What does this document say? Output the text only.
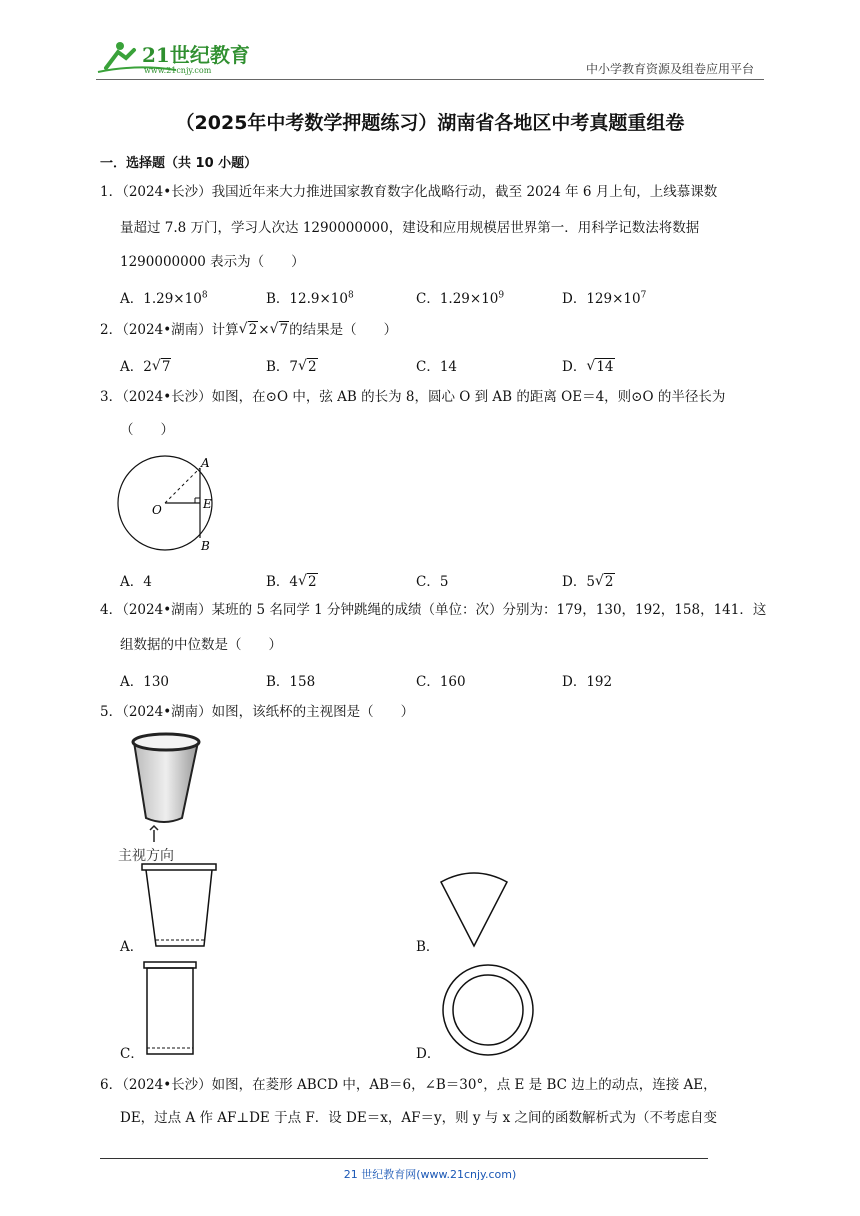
21世纪教育
www.21cnjy.com	中小学教育资源及组卷应用平台
（2025年中考数学押题练习）湖南省各地区中考真题重组卷
一．选择题（共 10 小题）
1．（2024•长沙）我国近年来大力推进国家教育数字化战略行动，截至 2024 年 6 月上旬，上线慕课数
量超过 7.8 万门，学习人次达 1290000000，建设和应用规模居世界第一．用科学记数法将数据
1290000000 表示为（　　）
A．$1.29\times 10^8$	B．$12.9\times 10^8$	C．$1.29\times 10^9$	D．$129\times 10^7$
2．（2024•湖南）计算 √ 2× √ 7的结果是（　　）
A．2 √ 7	B．7 √ 2	C．14	D． √ 14
3．（2024•长沙）如图，在⊙O 中，弦 AB 的长为 8，圆心 O 到 AB 的距离 OE＝4，则⊙O 的半径长为
（　　）
A
B
O	E
A．4	B．4 √ 2	C．5	D．5 √ 2
4．（2024•湖南）某班的 5 名同学 1 分钟跳绳的成绩（单位：次）分别为：179，130，192，158，141．这
组数据的中位数是（　　）
A．130	B．158	C．160	D．192
5．（2024•湖南）如图，该纸杯的主视图是（　　）
主视方向
A．	B．
C．	D．
6．（2024•长沙）如图，在菱形 ABCD 中，AB＝6，∠B＝30°，点 E 是 BC 边上的动点，连接 AE，
DE，过点 A 作 AF⊥DE 于点 F．设 DE＝x，AF＝y，则 y 与 x 之间的函数解析式为（不考虑自变
21 世纪教育网(www.21cnjy.com)
